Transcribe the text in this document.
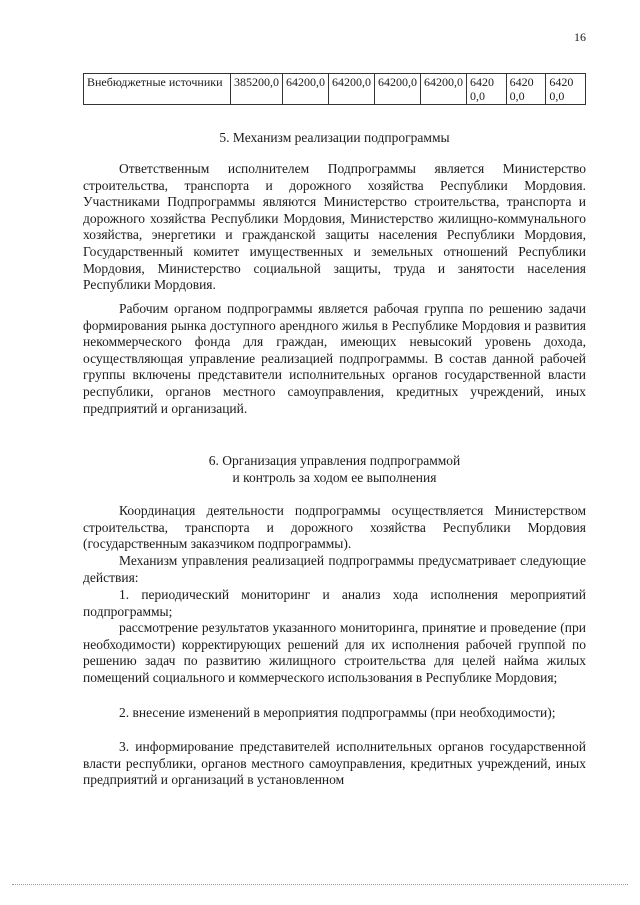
16
Внебюджетные источники	385200,0	64200,0	64200,0	64200,0	64200,0	6420 0,0	6420 0,0	6420 0,0
5. Механизм реализации подпрограммы

Ответственным исполнителем Подпрограммы является Министерство строительства, транспорта и дорожного хозяйства Республики Мордовия. Участниками Подпрограммы являются Министерство строительства, транспорта и дорожного хозяйства Республики Мордовия, Министерство жилищно-коммунального хозяйства, энергетики и гражданской защиты населения Республики Мордовия, Государственный комитет имущественных и земельных отношений Республики Мордовия, Министерство социальной защиты, труда и занятости населения Республики Мордовия.

Рабочим органом подпрограммы является рабочая группа по решению задачи формирования рынка доступного арендного жилья в Республике Мордовия и развития некоммерческого фонда для граждан, имеющих невысокий уровень дохода, осуществляющая управление реализацией подпрограммы. В состав данной рабочей группы включены представители исполнительных органов государственной власти республики, органов местного самоуправления, кредитных учреждений, иных предприятий и организаций.

6. Организация управления подпрограммой
и контроль за ходом ее выполнения

Координация деятельности подпрограммы осуществляется Министерством строительства, транспорта и дорожного хозяйства Республики Мордовия (государственным заказчиком подпрограммы).

Механизм управления реализацией подпрограммы предусматривает следующие действия:

1. периодический мониторинг и анализ хода исполнения мероприятий подпрограммы;

рассмотрение результатов указанного мониторинга, принятие и проведение (при необходимости) корректирующих решений для их исполнения рабочей группой по решению задач по развитию жилищного строительства для целей найма жилых помещений социального и коммерческого использования в Республике Мордовия;

2. внесение изменений в мероприятия подпрограммы (при необходимости);

3. информирование представителей исполнительных органов государственной власти республики, органов местного самоуправления, кредитных учреждений, иных предприятий и организаций в установленном
